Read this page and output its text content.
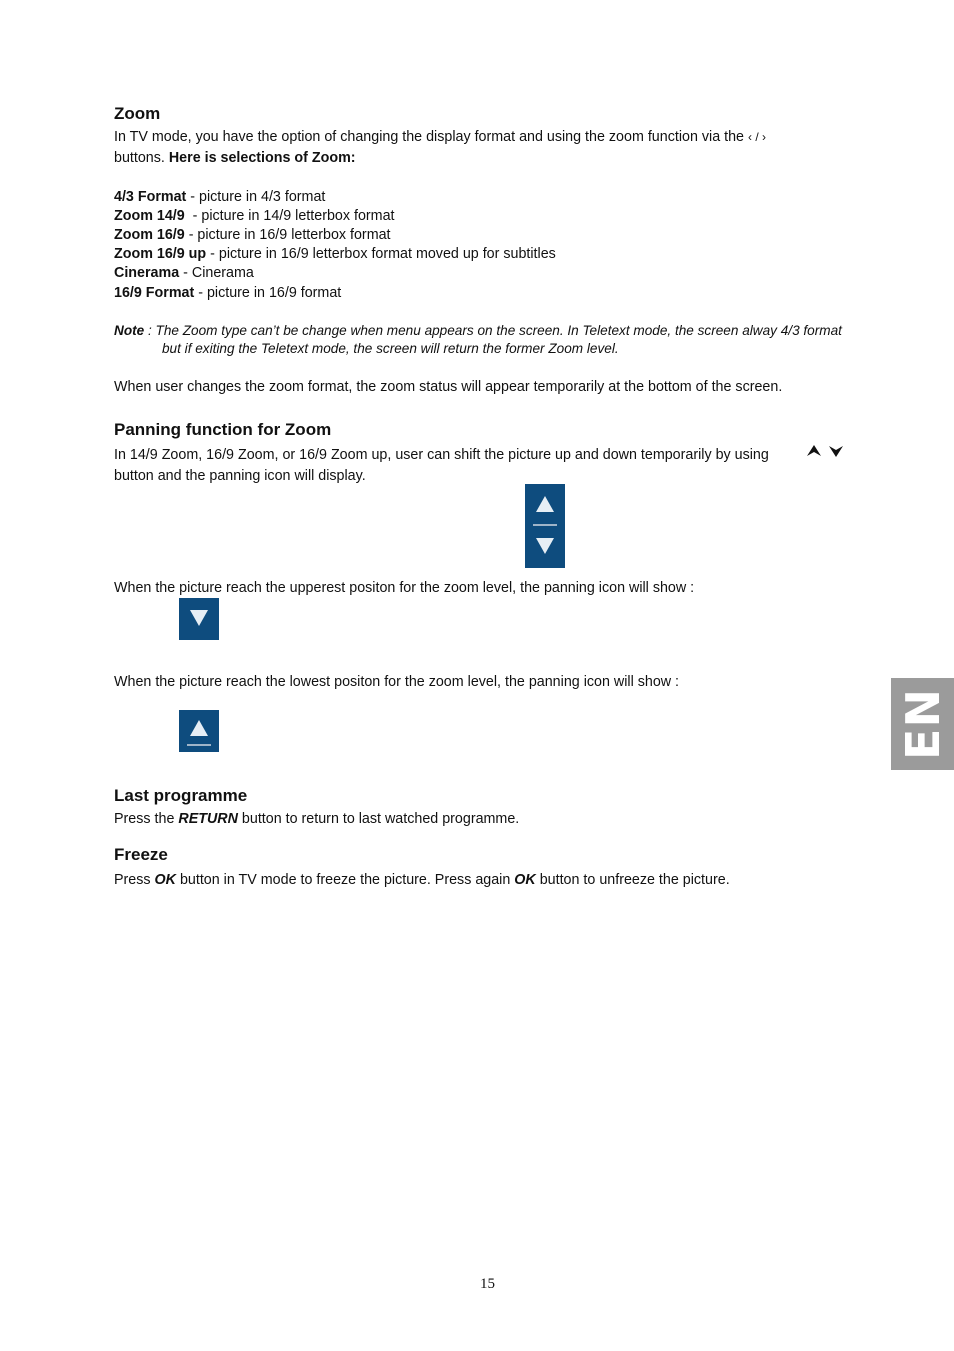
Zoom
In TV mode, you have the option of changing the display format and using the zoom function via the ‹ / ›
buttons. Here is selections of Zoom:
4/3 Format - picture in 4/3 format
Zoom 14/9  - picture in 14/9 letterbox format
Zoom 16/9 - picture in 16/9 letterbox format
Zoom 16/9 up - picture in 16/9 letterbox format moved up for subtitles
Cinerama - Cinerama
16/9 Format - picture in 16/9 format
Note : The Zoom type can’t be change when menu appears on the screen. In Teletext mode, the screen alway 4/3 format
but if exiting the Teletext mode, the screen will return the former Zoom level.
When user changes the zoom format, the zoom status will appear temporarily at the bottom of the screen.
Panning function for Zoom
In 14/9 Zoom, 16/9 Zoom, or 16/9 Zoom up, user can shift the picture up and down temporarily by using
button and the panning icon will display.
When the picture reach the upperest positon for the zoom level, the panning icon will show :
When the picture reach the lowest positon for the zoom level, the panning icon will show :
Last programme
Press the RETURN button to return to last watched programme.
Freeze
Press OK button in TV mode to freeze the picture. Press again OK button to unfreeze the picture.
EN
15
